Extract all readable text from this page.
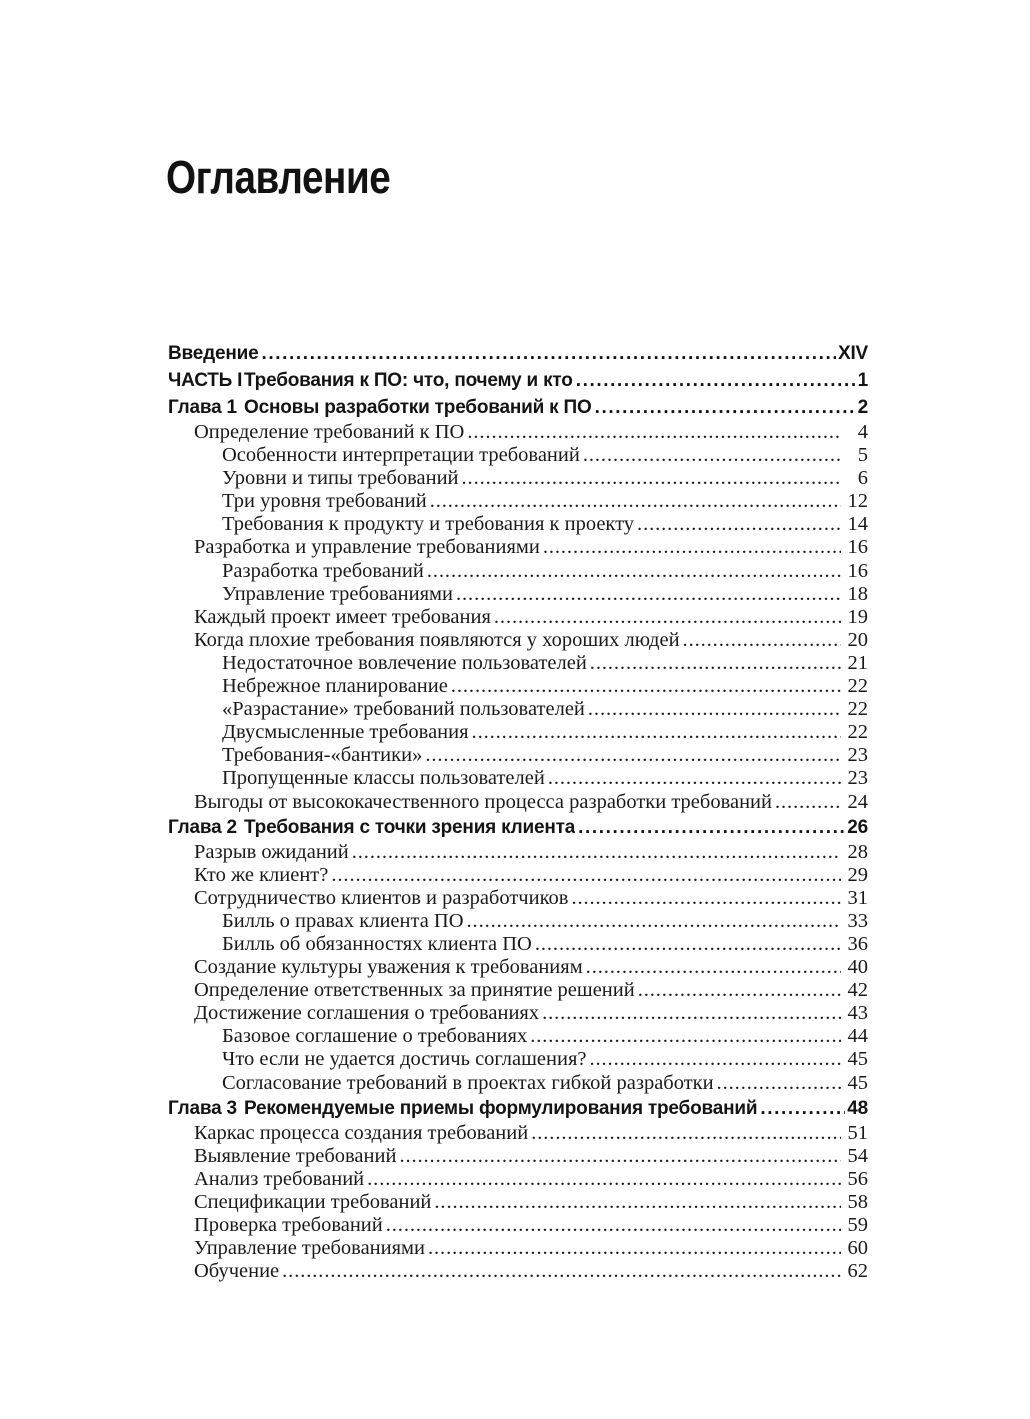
Оглавление
Введение .....	XIV
ЧАСТЬ I Требования к ПО: что, почему и кто .....	1
Глава 1 Основы разработки требований к ПО .....	2
Определение требований к ПО .....	4
Особенности интерпретации требований .....	5
Уровни и типы требований .....	6
Три уровня требований .....	12
Требования к продукту и требования к проекту .....	14
Разработка и управление требованиями .....	16
Разработка требований .....	16
Управление требованиями .....	18
Каждый проект имеет требования .....	19
Когда плохие требования появляются у хороших людей .....	20
Недостаточное вовлечение пользователей .....	21
Небрежное планирование .....	22
«Разрастание» требований пользователей .....	22
Двусмысленные требования .....	22
Требования-«бантики» .....	23
Пропущенные классы пользователей .....	23
Выгоды от высококачественного процесса разработки требований .....	24
Глава 2 Требования с точки зрения клиента .....	26
Разрыв ожиданий .....	28
Кто же клиент? .....	29
Сотрудничество клиентов и разработчиков .....	31
Билль о правах клиента ПО .....	33
Билль об обязанностях клиента ПО .....	36
Создание культуры уважения к требованиям .....	40
Определение ответственных за принятие решений .....	42
Достижение соглашения о требованиях .....	43
Базовое соглашение о требованиях .....	44
Что если не удается достичь соглашения? .....	45
Согласование требований в проектах гибкой разработки .....	45
Глава 3 Рекомендуемые приемы формулирования требований .....	48
Каркас процесса создания требований .....	51
Выявление требований .....	54
Анализ требований .....	56
Спецификации требований .....	58
Проверка требований .....	59
Управление требованиями .....	60
Обучение .....	62
